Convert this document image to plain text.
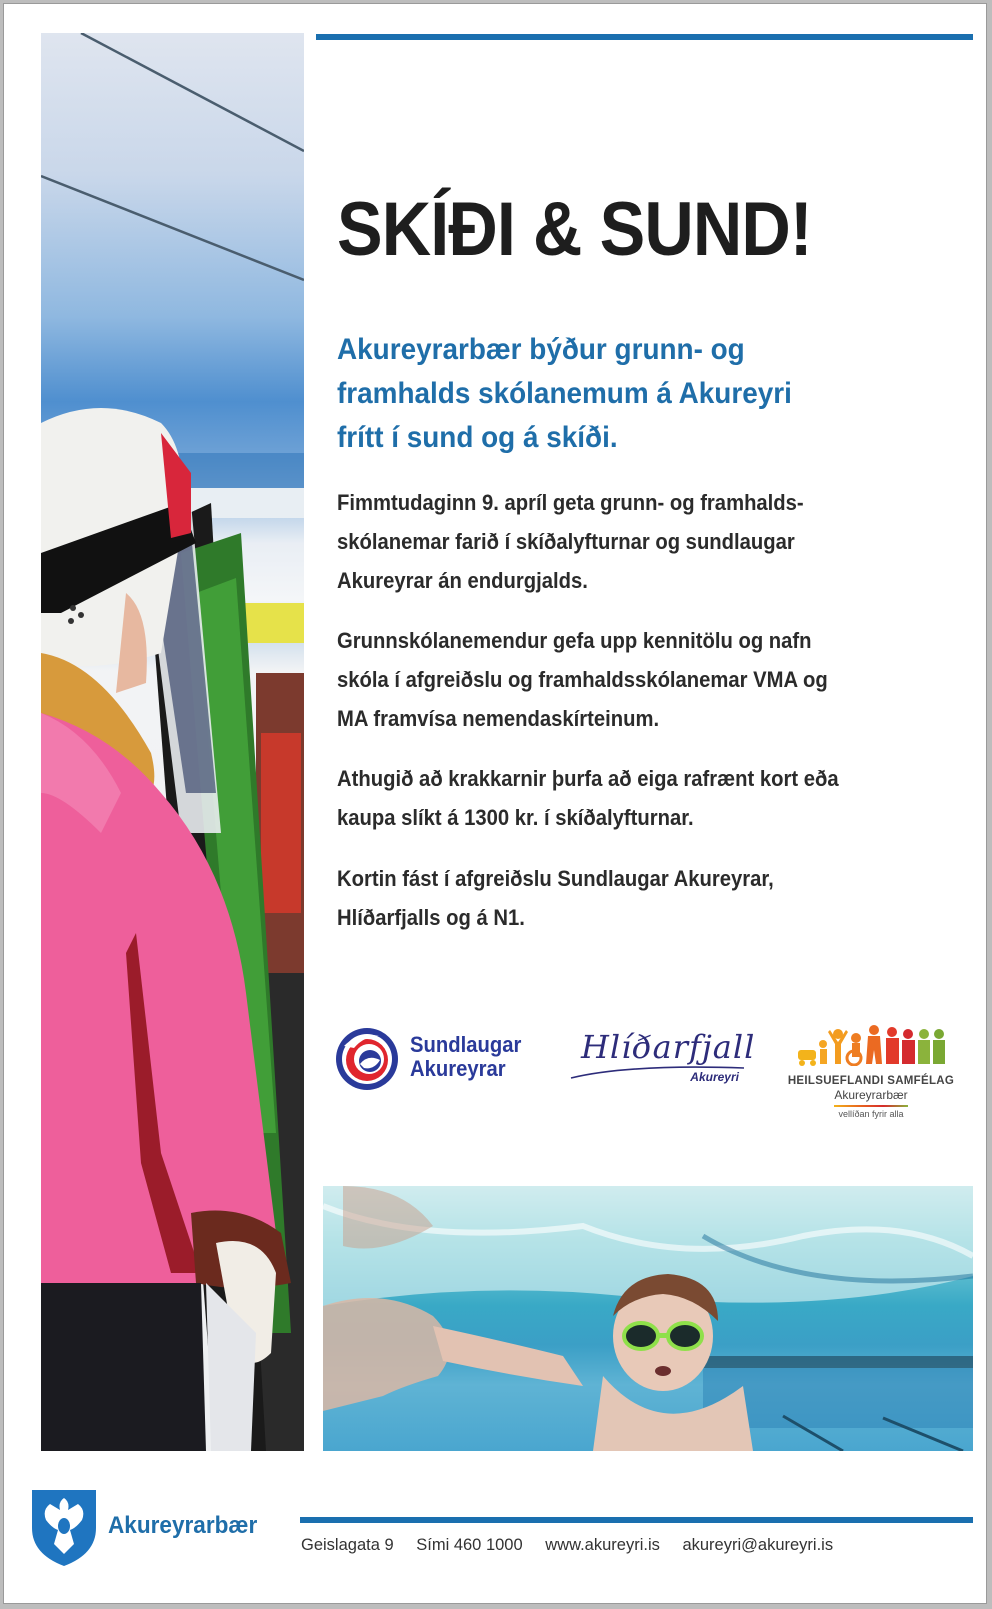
SKÍÐI & SUND!
Akureyrarbær býður grunn- og
framhalds skólanemum á Akureyri
frítt í sund og á skíði.
Fimmtudaginn 9. apríl geta grunn- og framhalds-
skólanemar farið í skíðalyfturnar og sundlaugar
Akureyrar án endurgjalds.
Grunnskólanemendur gefa upp kennitölu og nafn
skóla í afgreiðslu og framhaldsskólanemar VMA og
MA framvísa nemendaskírteinum.
Athugið að krakkarnir þurfa að eiga rafrænt kort eða
kaupa slíkt á 1300 kr. í skíðalyfturnar.
Kortin fást í afgreiðslu Sundlaugar Akureyrar,
Hlíðarfjalls og á N1.
Sundlaugar
Akureyrar
Hlíðarfjall
Akureyri	HEILSUEFLANDI SAMFÉLAG
Akureyrarbær
vellíðan fyrir alla
Akureyrarbær
Geislagata 9 Sími 460 1000 www.akureyri.is akureyri@akureyri.is
